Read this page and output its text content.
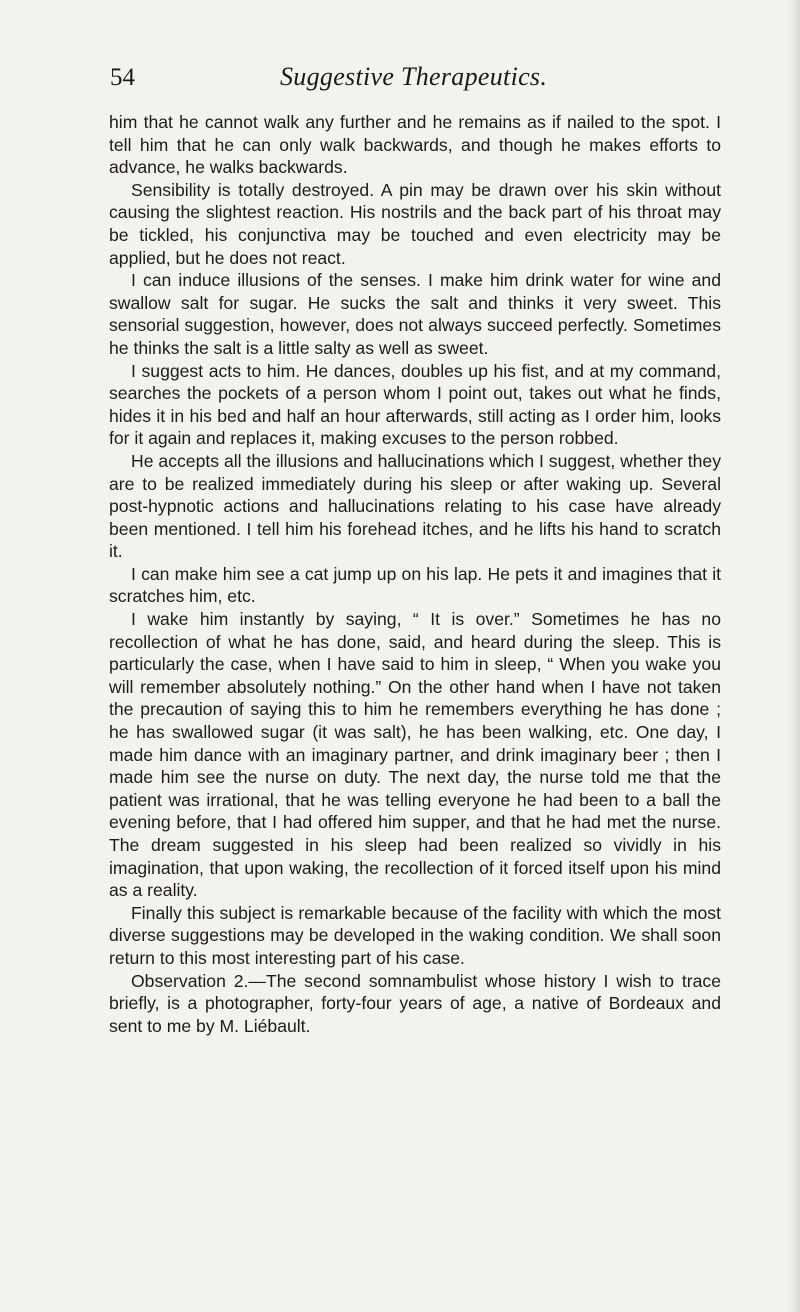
54	Suggestive Therapeutics.

him that he cannot walk any further and he remains as if nailed to the spot. I tell him that he can only walk backwards, and though he makes efforts to advance, he walks backwards.

Sensibility is totally destroyed. A pin may be drawn over his skin without causing the slightest reaction. His nostrils and the back part of his throat may be tickled, his conjunctiva may be touched and even electricity may be applied, but he does not react.

I can induce illusions of the senses. I make him drink water for wine and swallow salt for sugar. He sucks the salt and thinks it very sweet. This sensorial suggestion, however, does not always succeed perfectly. Sometimes he thinks the salt is a little salty as well as sweet.

I suggest acts to him. He dances, doubles up his fist, and at my command, searches the pockets of a person whom I point out, takes out what he finds, hides it in his bed and half an hour afterwards, still acting as I order him, looks for it again and replaces it, making excuses to the person robbed.

He accepts all the illusions and hallucinations which I suggest, whether they are to be realized immediately during his sleep or after waking up. Several post-hypnotic actions and hallucinations relating to his case have already been mentioned. I tell him his forehead itches, and he lifts his hand to scratch it.

I can make him see a cat jump up on his lap. He pets it and imagines that it scratches him, etc.

I wake him instantly by saying, “ It is over.” Sometimes he has no recollection of what he has done, said, and heard during the sleep. This is particularly the case, when I have said to him in sleep, “ When you wake you will remember absolutely nothing.” On the other hand when I have not taken the precaution of saying this to him he remembers everything he has done ; he has swallowed sugar (it was salt), he has been walking, etc. One day, I made him dance with an imaginary partner, and drink imaginary beer ; then I made him see the nurse on duty. The next day, the nurse told me that the patient was irrational, that he was telling everyone he had been to a ball the evening before, that I had offered him supper, and that he had met the nurse. The dream suggested in his sleep had been realized so vividly in his imagination, that upon waking, the recollection of it forced itself upon his mind as a reality.

Finally this subject is remarkable because of the facility with which the most diverse suggestions may be developed in the waking condition. We shall soon return to this most interesting part of his case.

Observation 2.—The second somnambulist whose history I wish to trace briefly, is a photographer, forty-four years of age, a native of Bordeaux and sent to me by M. Liébault.
